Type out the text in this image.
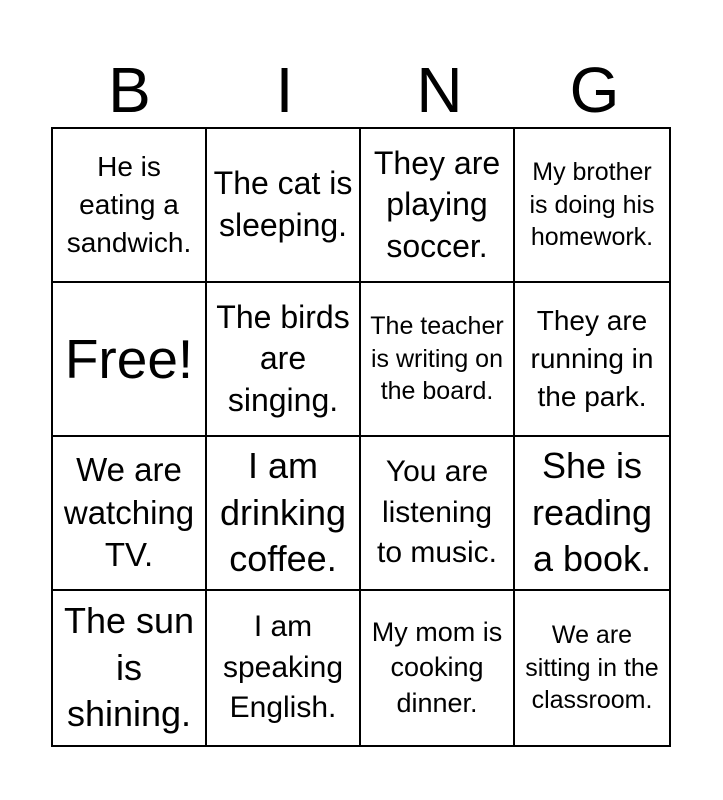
B	I	N	G
He is eating a sandwich.
The cat is sleeping.
They are playing soccer.
My brother is doing his homework.
Free!
The birds are singing.
The teacher is writing on the board.
They are running in the park.
We are watching TV.
I am drinking coffee.
You are listening to music.
She is reading a book.
The sun is shining.
I am speaking English.
My mom is cooking dinner.
We are sitting in the classroom.
